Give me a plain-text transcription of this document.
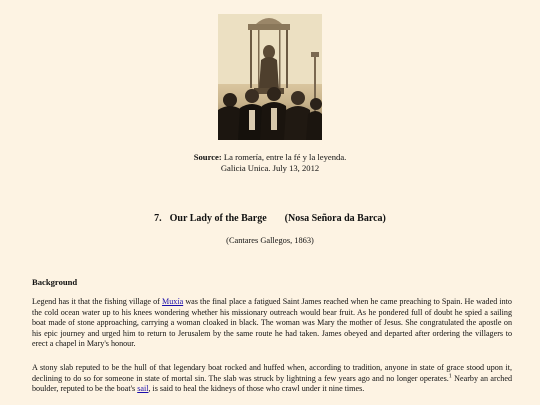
Source: La romería, entre la fé y la leyenda.
Galicia Unica. July 13, 2012
7. Our Lady of the Barge (Nosa Señora da Barca)
(Cantares Gallegos, 1863)
Background

Legend has it that the fishing village of Muxía was the final place a fatigued Saint James reached when he came preaching to Spain. He waded into the cold ocean water up to his knees wondering whether his missionary outreach would bear fruit. As he pondered full of doubt he spied a sailing boat made of stone approaching, carrying a woman cloaked in black. The woman was Mary the mother of Jesus. She congratulated the apostle on his epic journey and urged him to return to Jerusalem by the same route he had taken. James obeyed and departed after ordering the villagers to erect a chapel in Mary's honour.

A stony slab reputed to be the hull of that legendary boat rocked and huffed when, according to tradition, anyone in state of grace stood upon it, declining to do so for someone in state of mortal sin. The slab was struck by lightning a few years ago and no longer operates.$^1$ Nearby an arched boulder, reputed to be the boat's sail, is said to heal the kidneys of those who crawl under it nine times.
